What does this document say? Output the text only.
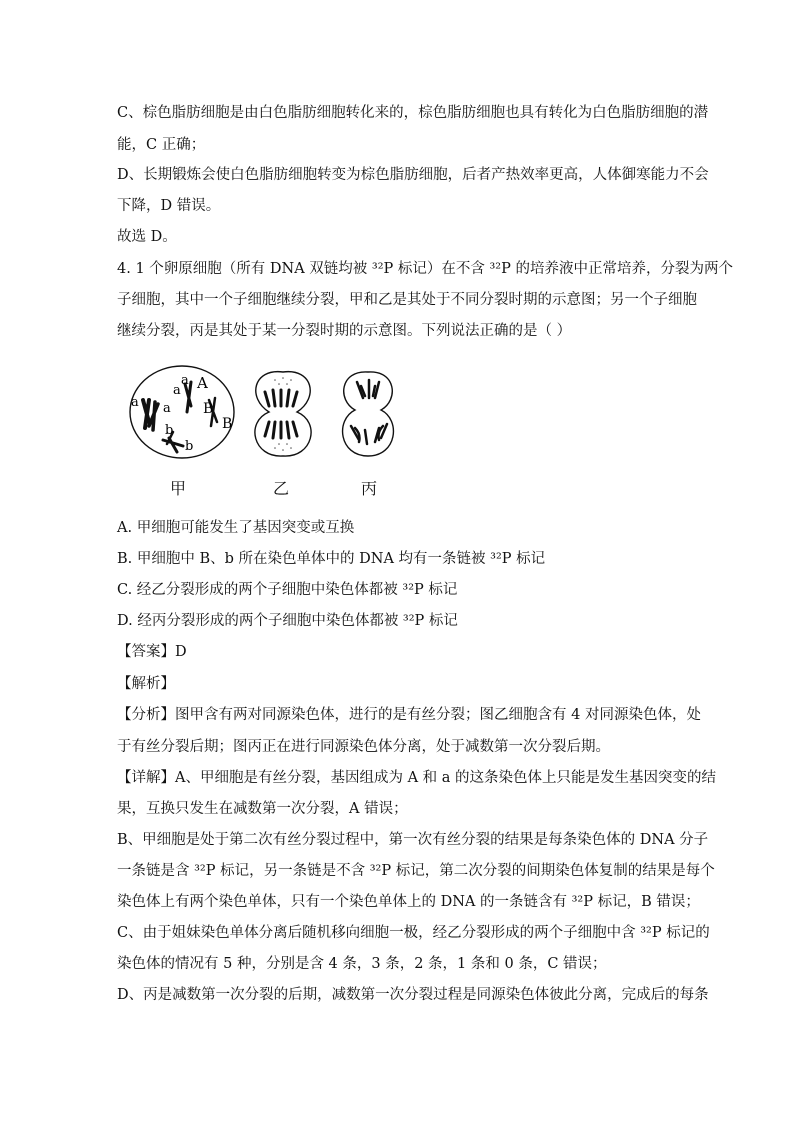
C、棕色脂肪细胞是由白色脂肪细胞转化来的，棕色脂肪细胞也具有转化为白色脂肪细胞的潜
能，C 正确；
D、长期锻炼会使白色脂肪细胞转变为棕色脂肪细胞，后者产热效率更高，人体御寒能力不会
下降，D 错误。
故选 D。
4. 1 个卵原细胞（所有 DNA 双链均被 ³²P 标记）在不含 ³²P 的培养液中正常培养，分裂为两个
子细胞，其中一个子细胞继续分裂，甲和乙是其处于不同分裂时期的示意图；另一个子细胞
继续分裂，丙是其处于某一分裂时期的示意图。下列说法正确的是（ ）
a a
a
a A
B
B
b
b
甲	乙	丙
A. 甲细胞可能发生了基因突变或互换
B. 甲细胞中 B、b 所在染色单体中的 DNA 均有一条链被 ³²P 标记
C. 经乙分裂形成的两个子细胞中染色体都被 ³²P 标记
D. 经丙分裂形成的两个子细胞中染色体都被 ³²P 标记
【答案】D
【解析】
【分析】图甲含有两对同源染色体，进行的是有丝分裂；图乙细胞含有 4 对同源染色体，处
于有丝分裂后期；图丙正在进行同源染色体分离，处于减数第一次分裂后期。
【详解】A、甲细胞是有丝分裂，基因组成为 A 和 a 的这条染色体上只能是发生基因突变的结
果，互换只发生在减数第一次分裂，A 错误；
B、甲细胞是处于第二次有丝分裂过程中，第一次有丝分裂的结果是每条染色体的 DNA 分子
一条链是含 ³²P 标记，另一条链是不含 ³²P 标记，第二次分裂的间期染色体复制的结果是每个
染色体上有两个染色单体，只有一个染色单体上的 DNA 的一条链含有 ³²P 标记，B 错误；
C、由于姐妹染色单体分离后随机移向细胞一极，经乙分裂形成的两个子细胞中含 ³²P 标记的
染色体的情况有 5 种，分别是含 4 条，3 条，2 条，1 条和 0 条，C 错误；
D、丙是减数第一次分裂的后期，减数第一次分裂过程是同源染色体彼此分离，完成后的每条
